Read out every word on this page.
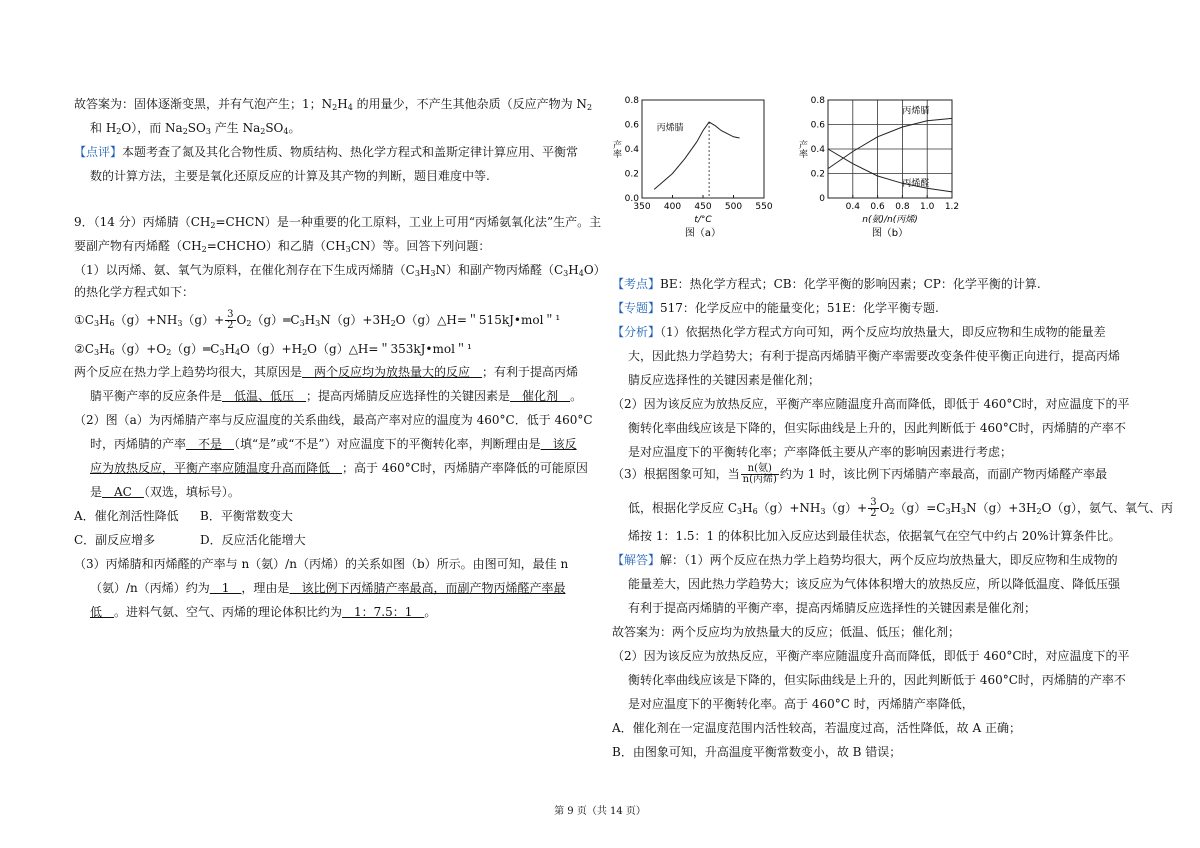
故答案为：固体逐渐变黑，并有气泡产生；1；$N_2H_4$ 的用量少，不产生其他杂质（反应产物为 $N_2$
和 $H_2O$），而 $Na_2SO_3$ 产生 $Na_2SO_4$。
【点评】本题考查了氮及其化合物性质、物质结构、热化学方程式和盖斯定律计算应用、平衡常
数的计算方法，主要是氧化还原反应的计算及其产物的判断，题目难度中等.
9．（14 分）丙烯腈$(CH_2=CHCN)$是一种重要的化工原料，工业上可用“丙烯氨氧化法”生产。主
要副产物有丙烯醛$(CH_2=CHCHO)$和乙腈$(CH_3CN)$等。回答下列问题：
（1）以丙烯、氨、氧气为原料，在催化剂存在下生成丙烯腈$(C_3H_3N)$和副产物丙烯醛$(C_3H_4O)$
的热化学方程式如下：
$①C_3H_6(g)+NH_3(g)+ \frac{3}{2}$ $O_2(g)═C_3H_3N(g)+3H_2O(g)\triangle H=$＂515kJ•mol＂¹
$②C_3H_6(g)+O_2(g)═C_3H_4O(g)+H_2O(g)\triangle H=$＂353kJ•mol＂¹
两个反应在热力学上趋势均很大，其原因是　两个反应均为放热量大的反应　；有利于提高丙烯
腈平衡产率的反应条件是　低温、低压　；提高丙烯腈反应选择性的关键因素是　催化剂　。
（2）图（a）为丙烯腈产率与反应温度的关系曲线，最高产率对应的温度为 460°C．低于 460°C
时，丙烯腈的产率　不是　（填“是”或“不是”）对应温度下的平衡转化率，判断理由是　该反
应为放热反应，平衡产率应随温度升高而降低　；高于 460°C时，丙烯腈产率降低的可能原因
是　AC　（双选，填标号）。
A．催化剂活性降低 B．平衡常数变大
C．副反应增多	D．反应活化能增大
（3）丙烯腈和丙烯醛的产率与 n（氨）/n（丙烯）的关系如图（b）所示。由图可知，最佳 n
（氨）/n（丙烯）约为　1　，理由是　该比例下丙烯腈产率最高，而副产物丙烯醛产率最
低　。进料气氨、空气、丙烯的理论体积比约为　1：7.5：1　。
350 400 450 500 550
0.0
0.2
0.4
0.6
0.8
丙烯腈
t/°C
产率
图（a）
0.4 0.6 0.8 1.0 1.2
0
0.2
0.4
0.6
0.8
丙烯腈
丙烯醛
n(氨)/n(丙烯)
产率
图（b）
【考点】BE：热化学方程式；CB：化学平衡的影响因素；CP：化学平衡的计算.
【专题】517：化学反应中的能量变化；51E：化学平衡专题.
【分析】（1）依据热化学方程式方向可知，两个反应均放热量大，即反应物和生成物的能量差
大，因此热力学趋势大；有利于提高丙烯腈平衡产率需要改变条件使平衡正向进行，提高丙烯
腈反应选择性的关键因素是催化剂；
（2）因为该反应为放热反应，平衡产率应随温度升高而降低，即低于 460°C时，对应温度下的平
衡转化率曲线应该是下降的，但实际曲线是上升的，因此判断低于 460°C时，丙烯腈的产率不
是对应温度下的平衡转化率；产率降低主要从产率的影响因素进行考虑；
（3）根据图象可知，当 $\frac{\text{n(氨)}}{\text{n(丙烯)}}$ 约为 1 时，该比例下丙烯腈产率最高，而副产物丙烯醛产率最
低，根据化学反应 $C_3H_6(g)+NH_3(g)+ \frac{3}{2} O_2(g)=C_3H_3N(g)+3H_2O(g)$，氨气、氧气、丙
烯按 1：1.5：1 的体积比加入反应达到最佳状态，依据氧气在空气中约占 20%计算条件比。
【解答】解：（1）两个反应在热力学上趋势均很大，两个反应均放热量大，即反应物和生成物的
能量差大，因此热力学趋势大；该反应为气体体积增大的放热反应，所以降低温度、降低压强
有利于提高丙烯腈的平衡产率，提高丙烯腈反应选择性的关键因素是催化剂；
故答案为：两个反应均为放热量大的反应；低温、低压；催化剂；
（2）因为该反应为放热反应，平衡产率应随温度升高而降低，即低于 460°C时，对应温度下的平
衡转化率曲线应该是下降的，但实际曲线是上升的，因此判断低于 460°C时，丙烯腈的产率不
是对应温度下的平衡转化率。高于 460°C 时，丙烯腈产率降低，
A．催化剂在一定温度范围内活性较高，若温度过高，活性降低，故 A 正确；
B．由图象可知，升高温度平衡常数变小，故 B 错误；
第 9 页（共 14 页）
